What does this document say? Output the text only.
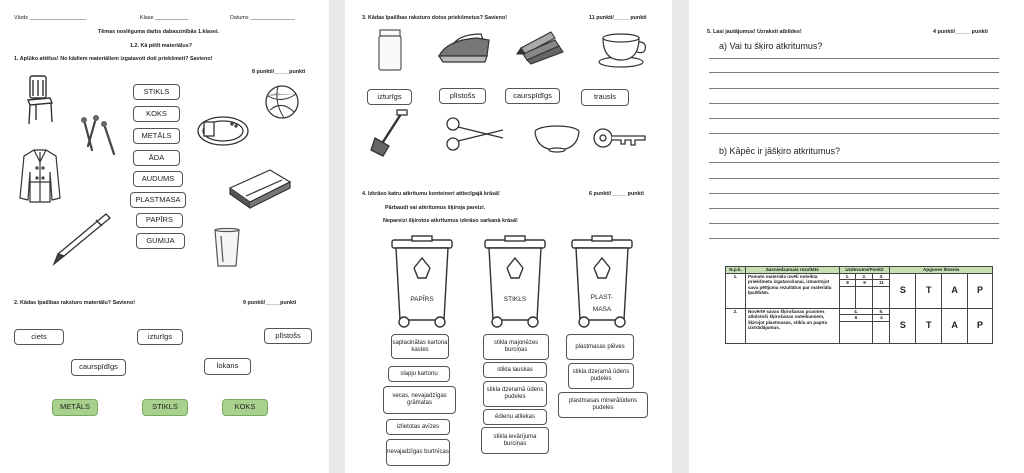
Vārds ___________________	Klase ___________	Datums _______________
Tēmas noslēguma darbs dabaszinībās 1.klasei.
1.2. Kā pētīt materiālus?
1. Aplūko attēlus! No kādiem materiāliem izgatavoti doti priekšmeti? Savieno!
8 punkti/_____punkti
STIKLS
KOKS
METĀLS
ĀDA
AUDUMS
PLASTMASA
PAPĪRS
GUMIJA
2. Kādas īpašības raksturo materiālu? Savieno!	9 punkti/_____punkti
ciets	izturīgs	plīstošs
caurspīdīgs	lokans
METĀLS	STIKLS	KOKS
3. Kādas īpašības raksturo dotos priekšmetus? Savieno!	11 punkti/_____ punkti
izturīgs	plīstošs	caurspīdīgs	trausls
4. Izkrāso katru atkritumu konteineri attiecīgajā krāsā!	6 punkti/_____ punkti
Pārbaudi vai atkritumus šķiroja pareizi.
Nepareizi šķirotos atkritumus izkrāso sarkanā krāsā!
PAPĪRS	STIKLS	PLAST-
MASA
saplacinātas kartona kastes
slapju kartonu
vecas, nevajadzīgas grāmatas
izlietotas avīzes
nevajadzīgas burtnīcas
stikla majonēzes burciņas
stikla lauskas
stikla dzeramā ūdens pudeles
ēdienu atliekas
stikla ievārījuma burciņas
plastmasas plēves
stikla dzeramā ūdens pudeles
plastmasas minerālūdens pudeles
5. Lasi jautājumus! Uzraksti atbildes!	4 punkti/_____ punkti
a) Vai tu šķiro atkritumus?
b) Kāpēc ir jāšķiro atkritumus?
N.p.k.	Sasniedzamais rezultāts	Uzdevums/Punkti			Apguves līmenis			
1.	Pamato materiāla izvēli noteikta priekšmeta izgatavošanai, izmantojot sava pētījuma rezultātus par materiālu īpašībām.	1.	2.	3.	S	T	A	P
		8	9	11				

2.	Novērtē savas šķirošanas prasmes atbilstoši šķirošanas noteikumiem, šķirojot plastmasas, stikla un papīra izstrādājumus.	4.		5.	S	T	A	P
		6		4				
